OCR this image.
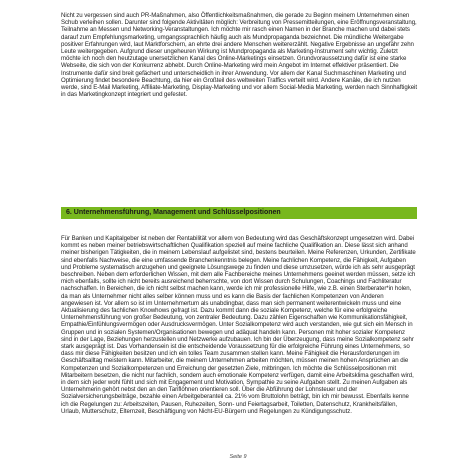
Nicht zu vergessen sind auch PR-Maßnahmen, also Öffentlichkeitsmaßnahmen, die gerade zu Beginn meinem Unternehmen einen Schub verleihen sollen. Darunter sind folgende Aktivitäten möglich: Verbreitung von Pressemitteilungen, eine Eröffnungsveranstaltung, Teilnahme an Messen und Networking-Veranstaltungen. Ich möchte mir rasch einen Namen in der Branche machen und dabei stets darauf zum Empfehlungsmarketing, umgangssprachlich häufig auch als Mundpropaganda bezeichnet. Die mündliche Weitergabe positiver Erfahrungen wird, laut Marktforschern, an ehrte drei andere Menschen weitererzählt. Negative Ergebnisse an ungefähr zehn Leute weitergegeben. Aufgrund dieser ungeheuren Wirkung ist Mundpropaganda als Marketing-Instrument sehr wichtig. Zuletzt möchte ich noch den heutzutage unersetzlichen Kanal des Online-Marketings einsetzen. Grundvoraussetzung dafür ist eine starke Webseite, die sich von der Konkurrenz abhebt. Durch Online-Marketing wird mein Angebot im Internet effektiver präsentiert. Die Instrumente dafür sind breit gefächert und unterscheidlich in ihrer Anwendung. Vor allem der Kanal Suchmaschinen Marketing und Optimierung findet besondere Beachtung, da hier ein Großteil des weltweiten Traffics verteilt wird. Andere Kanäle, die ich nutzen werde, sind E-Mail Marketing, Affiliate-Marketing, Display-Marketing und vor allem Social-Media Marketing, werden nach Sinnhaftigkeit in das Marketingkonzept integriert und gefestet.

6. Unternehmensführung, Management und Schlüsselpositionen

Für Banken und Kapitalgeber ist neben der Rentabilität vor allem von Bedeutung wird das Geschäftskonzept umgesetzen wird. Dabei kommt es neben meiner betriebswirtschaftlichen Qualifikation speziell auf meine fachliche Qualifikation an. Diese lässt sich anhand meiner bisherigen Tätigkeiten, die in meinem Lebenslauf aufgelistet sind, bestens beurteilen. Meine Referenzen, Urkunden, Zertifikate sind ebenfalls Nachweise, die eine umfassende Branchenkenntnis belegen. Meine fachlichen Kompetenz, die Fähigkeit, Aufgaben und Probleme systematisch anzugehen und geeignete Lösungswege zu finden und diese umzusetzen, würde ich als sehr ausgeprägt beschreiben. Neben dem erforderlichen Wissen, mit dem alle Fachbereiche meines Unternehmens geeinet werden müssen, setze ich mich ebenfalls, sollte ich nicht bereits ausreichend beherrschte, von dort Wissen durch Schulungen, Coachings und Fachliteratur nachschaffen. In Bereichen, die ich nicht selbst machen kann, werde ich mir professionelle Hilfe, wie z.B. einen Sterberater*in holen, da man als Unternehmer nicht alles selber können muss und es kann die Basis der fachlichen Kompetenzen von Anderen angewiesen ist. Vor allem so ist im Unternehmertum als unabdingbar, dass man sich permanent weiterentwickeln muss und eine Aktualisierung des fachlichen Knowhows gefragt ist. Dazu kommt dann die soziale Kompetenz, welche für eine erfolgreiche Unternehmensführung von großer Bedeutung, von zentraler Bedeutung. Dazu zählen Eigenschaften wie Kommunikationsfähigkeit, Empathie/Einfühlungsvermögen oder Ausdrucksvermögen. Unter Sozialkompetenz wird auch verstanden, wie gut sich ein Mensch in Gruppen und in sozialen Systemen/Organisationen bewegen und adäquat handeln kann. Personen mit hoher sozialer Kompetenz sind in der Lage, Beziehungen herzustellen und Netzwerke aufzubauen. Ich bin der Überzeugung, dass meine Sozialkompetenz sehr stark ausgeprägt ist. Das Vorhandensein ist die entscheidende Voraussetzung für die erfolgreiche Führung eines Unternehmens, so dass mir diese Fähigkeiten besitzen und ich ein tolles Team zusammen stellen kann. Meine Fähigkeit die Herausforderungen im Geschäftsalltag meistern kann. Mitarbeiter, die meinem Unternehmen arbeiten möchten, müssen meinen hohen Ansprüchen an die Kompetenzen und Sozialkompetenzen und Erreichung der gesetzten Ziele, mitbringen. Ich möchte die Schlüsselpositionen mit Mitarbeitern besetzen, die nicht nur fachlich, sondern auch emotionale Kompetenz verfügen, damit eine Arbeitsklima geschaffen wird, in dem sich jeder wohl fühlt und sich mit Engagement und Motivation, Sympathie zu seine Aufgaben stellt. Zu meinen Aufgaben als Unternehmerin gehört nebst den an den Tariflöhnen orientieren soll. Über die Abführung der Lohnsteuer und der Sozialversicherungsbeiträge, bezahle einen Arbeitgeberanteil ca. 21% vom Bruttolohn beträgt, bin ich mir bewusst. Ebenfalls kenne ich die Regelungen zu: Arbeitszeiten, Pausen, Ruhezeiten, Sonn- und Feiertagsarbeit, Toiletten, Datenschutz, Krankheitsfällen, Urlaub, Mutterschutz, Elternzeit, Beschäftigung von Nicht-EU-Bürgern und Regelungen zu Kündigungsschutz.

Seite 9
